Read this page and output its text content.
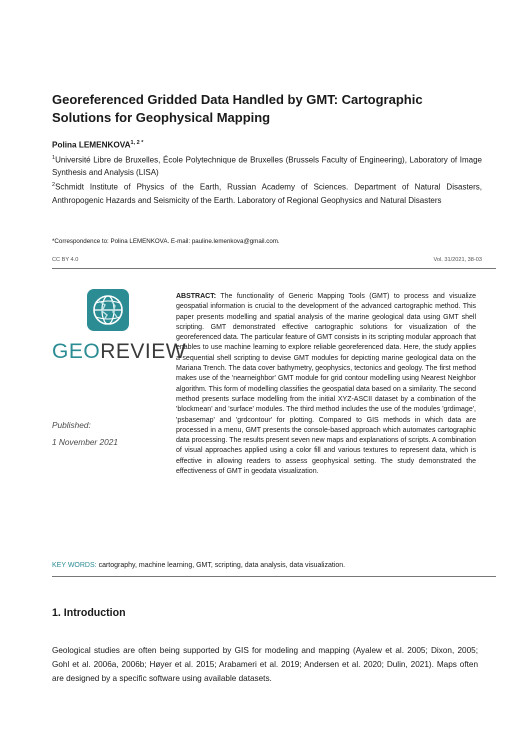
Georeferenced Gridded Data Handled by GMT: Cartographic Solutions for Geophysical Mapping
Polina $LEMENKOVA^{1, 2 *}$

$^1$Université Libre de Bruxelles, École Polytechnique de Bruxelles (Brussels Faculty of Engineering), Laboratory of Image Synthesis and Analysis (LISA)

$^2$Schmidt Institute of Physics of the Earth, Russian Academy of Sciences. Department of Natural Disasters, Anthropogenic Hazards and Seismicity of the Earth. Laboratory of Regional Geophysics and Natural Disasters

*Correspondence to: Polina LEMENKOVA. E-mail: pauline.lemenkova@gmail.com.
CC BY 4.0	Vol. 31/2021, 38-03
GEOREVIEW
Published:
1 November 2021

ABSTRACT: The functionality of Generic Mapping Tools (GMT) to process and visualize geospatial information is crucial to the development of the advanced cartographic method. This paper presents modelling and spatial analysis of the marine geological data using GMT shell scripting. GMT demonstrated effective cartographic solutions for visualization of the georeferenced data. The particular feature of GMT consists in its scripting modular approach that enables to use machine learning to explore reliable georeferenced data. Here, the study applies a sequential shell scripting to devise GMT modules for depicting marine geological data on the Mariana Trench. The data cover bathymetry, geophysics, tectonics and geology. The first method makes use of the 'nearneighbor' GMT module for grid contour modelling using Nearest Neighbor algorithm. This form of modelling classifies the geospatial data based on a similarity. The second method presents surface modelling from the initial XYZ-ASCII dataset by a combination of the 'blockmean' and 'surface' modules. The third method includes the use of the modules 'grdimage', 'psbasemap' and 'grdcontour' for plotting. Compared to GIS methods in which data are processed in a menu, GMT presents the console-based approach which automates cartographic data processing. The results present seven new maps and explanations of scripts. A combination of visual approaches applied using a color fill and various textures to represent data, which is effective in allowing readers to assess geophysical setting. The study demonstrated the effectiveness of GMT in geodata visualization.

KEY WORDS: cartography, machine learning, GMT, scripting, data analysis, data visualization.
1. Introduction

Geological studies are often being supported by GIS for modeling and mapping (Ayalew et al. 2005; Dixon, 2005; Gohl et al. 2006a, 2006b; Høyer et al. 2015; Arabameri et al. 2019; Andersen et al. 2020; Dulin, 2021). Maps often are designed by a specific software using available datasets.
